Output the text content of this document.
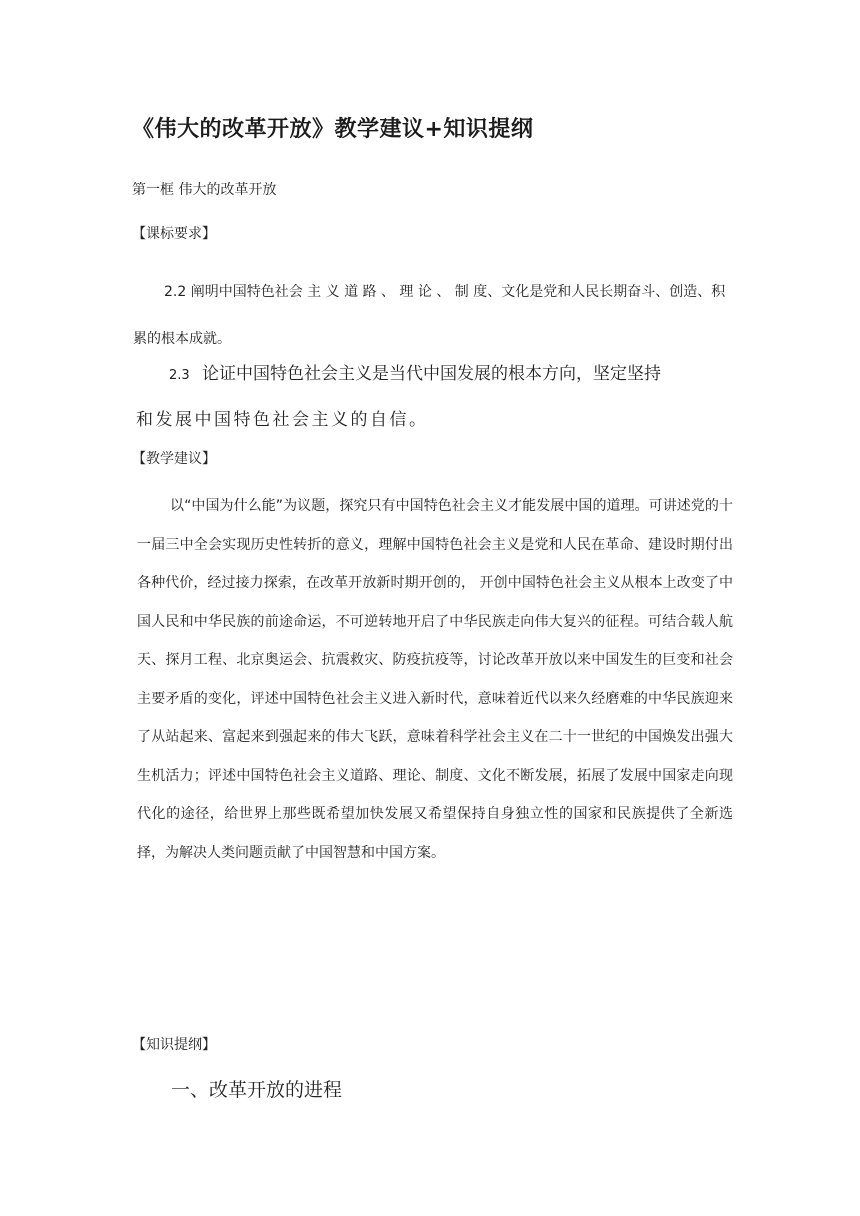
《伟大的改革开放》教学建议+知识提纲
第一框 伟大的改革开放
【课标要求】
2.2 阐明中国特色社会 主 义 道 路 、 理 论 、 制 度、文化是党和人民长期奋斗、创造、积累的根本成就。
2.3 论证中国特色社会主义是当代中国发展的根本方向，坚定坚持
和发展中国特色社会主义的自信。
【教学建议】
以“中国为什么能”为议题，探究只有中国特色社会主义才能发展中国的道理。可讲述党的十一届三中全会实现历史性转折的意义，理解中国特色社会主义是党和人民在革命、建设时期付出各种代价，经过接力探索，在改革开放新时期开创的， 开创中国特色社会主义从根本上改变了中国人民和中华民族的前途命运，不可逆转地开启了中华民族走向伟大复兴的征程。可结合载人航天、探月工程、北京奥运会、抗震救灾、防疫抗疫等，讨论改革开放以来中国发生的巨变和社会主要矛盾的变化，评述中国特色社会主义进入新时代，意味着近代以来久经磨难的中华民族迎来了从站起来、富起来到强起来的伟大飞跃，意味着科学社会主义在二十一世纪的中国焕发出强大生机活力；评述中国特色社会主义道路、理论、制度、文化不断发展，拓展了发展中国家走向现代化的途径，给世界上那些既希望加快发展又希望保持自身独立性的国家和民族提供了全新选择，为解决人类问题贡献了中国智慧和中国方案。
【知识提纲】
一、改革开放的进程
